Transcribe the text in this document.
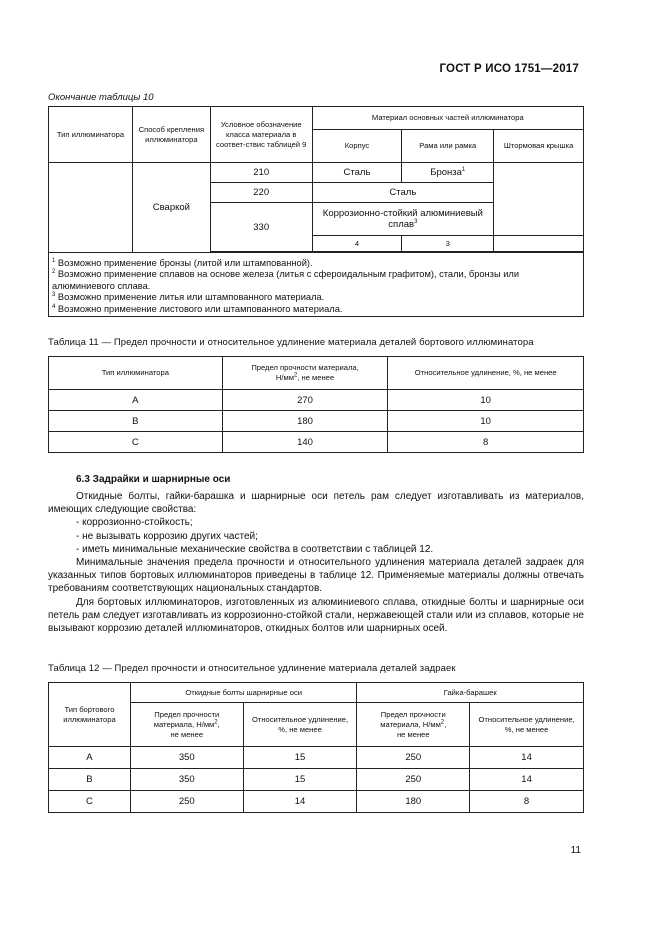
ГОСТ Р ИСО 1751—2017
Окончание таблицы 10
Тип иллюминатора	Способ крепления иллюминатора	Условное обозначение класса материала в соответ-ствиc таблицей 9	Материал основных частей иллюминатора		
			Корпус	Рама или рамка	Штормовая крышка
	Сваркой	210	Сталь	Бронза$^1$	
		220	Сталь		
		330	Коррозионно-стойкий алюминиевый сплав$^3$
			4	3	

$^1$ Возможно применение бронзы (литой или штампованной).
$^2$ Возможно применение сплавов на основе железа (литья с сфероидальным графитом), стали, бронзы или алюминиевого сплава.
$^3$ Возможно применение литья или штампованного материала.
$^4$ Возможно применение листового или штампованного материала.
Таблица 11 — Предел прочности и относительное удлинение материала деталей бортового иллюминатора
Тип иллюминатора	Предел прочности материала,
$Н/мм^2$, не менее	Относительное удлинение, %, не менее
A	270	10
B	180	10
C	140	8
6.3 Задрайки и шарнирные оси

Откидные болты, гайки-барашка и шарнирные оси петель рам следует изготавливать из материалов, имеющих следующие свойства:

- коррозионно-стойкость;

- не вызывать коррозию других частей;

- иметь минимальные механические свойства в соответствии с таблицей 12.

Минимальные значения предела прочности и относительного удлинения материала деталей задраек для указанных типов бортовых иллюминаторов приведены в таблице 12. Применяемые материалы должны отвечать требованиям соответствующих национальных стандартов.

Для бортовых иллюминаторов, изготовленных из алюминиевого сплава, откидные болты и шарнирные оси петель рам следует изготавливать из коррозионно-стойкой стали, нержавеющей стали или из сплавов, которые не вызывают коррозию деталей иллюминаторов, откидных болтов или шарнирных осей.

Таблица 12 — Предел прочности и относительное удлинение материала деталей задраек
Тип бортового иллюминатора	Откидные болты шарнирные оси		Гайка-барашек	
	Предел прочности материала, $Н/мм^2$,
не менее	Относительное удлинение, %, не менее	Предел прочности материала, $Н/мм^2$,
не менее	Относительное удлинение, %, не менее
A	350	15	250	14
B	350	15	250	14
C	250	14	180	8
11
